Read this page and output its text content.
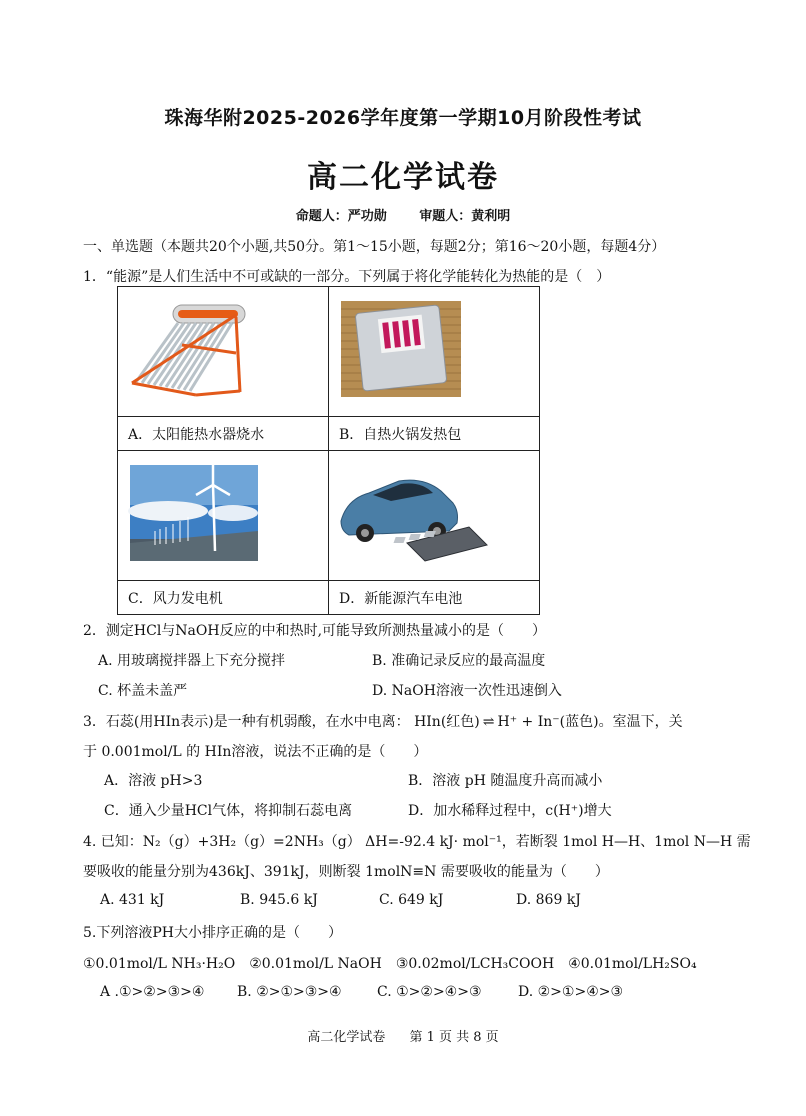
珠海华附2025-2026学年度第一学期10月阶段性考试
高二化学试卷
命题人：严功勋	审题人：黄利明
一、单选题（本题共20个小题,共50分。第1～15小题，每题2分；第16～20小题，每题4分）
1．“能源”是人们生活中不可或缺的一部分。下列属于将化学能转化为热能的是（　）

A．太阳能热水器烧水	B．自热火锅发热包

C．风力发电机	D．新能源汽车电池
2．测定HCl与NaOH反应的中和热时,可能导致所测热量减小的是（　　）
A. 用玻璃搅拌器上下充分搅拌	B. 准确记录反应的最高温度
C. 杯盖未盖严	D. NaOH溶液一次性迅速倒入
3．石蕊(用HIn表示)是一种有机弱酸，在水中电离： HIn(红色) ⇌ H⁺ + In⁻(蓝色)。室温下，关
于 0.001mol/L 的 HIn溶液，说法不正确的是（　　）
A．溶液 pH>3	B．溶液 pH 随温度升高而减小
C．通入少量HCl气体，将抑制石蕊电离	D．加水稀释过程中，c(H⁺)增大
4. 已知：N₂（g）+3H₂（g）=2NH₃（g） ΔH=-92.4 kJ· mol⁻¹，若断裂 1mol H—H、1mol N—H 需
要吸收的能量分别为436kJ、391kJ，则断裂 1molN≡N 需要吸收的能量为（　　）
A. 431 kJ	B. 945.6 kJ	C. 649 kJ	D. 869 kJ
5.下列溶液PH大小排序正确的是（　　）
①0.01mol/L NH₃·H₂O　②0.01mol/L NaOH　③0.02mol/LCH₃COOH　④0.01mol/LH₂SO₄
A .①>②>③>④ B. ②>①>③>④	C. ①>②>④>③	D. ②>①>④>③
高二化学试卷 第 1 页 共 8 页
